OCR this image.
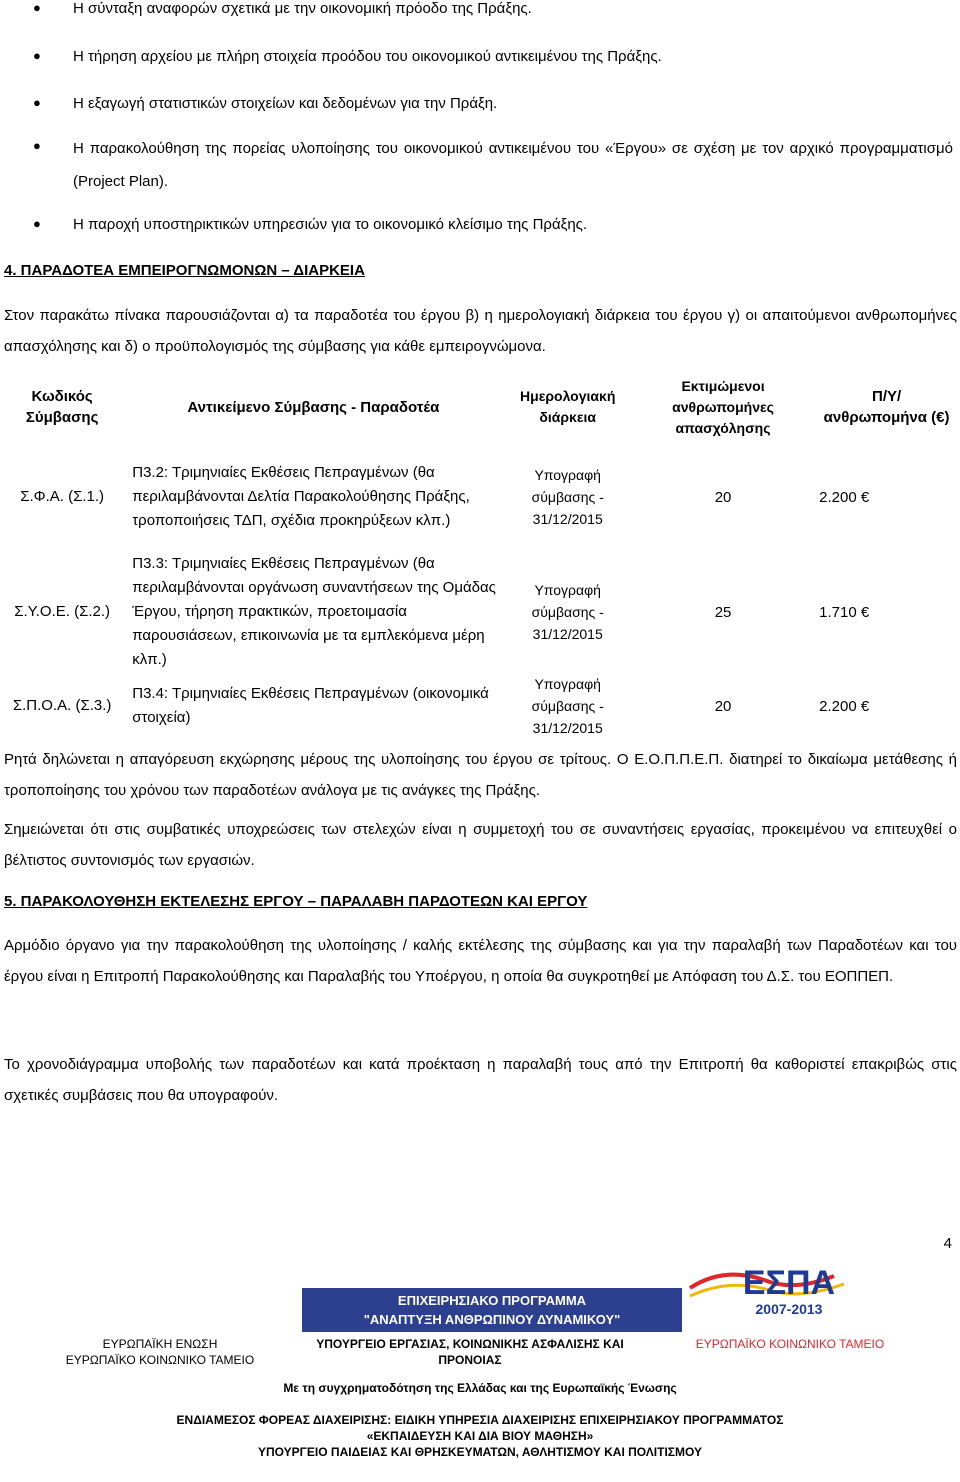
● Η σύνταξη αναφορών σχετικά με την οικονομική πρόοδο της Πράξης.
● Η τήρηση αρχείου με πλήρη στοιχεία προόδου του οικονομικού αντικειμένου της Πράξης.
● Η εξαγωγή στατιστικών στοιχείων και δεδομένων για την Πράξη.
● Η παρακολούθηση της πορείας υλοποίησης του οικονομικού αντικειμένου του «Έργου» σε σχέση με τον αρχικό προγραμματισμό (Project Plan).
● Η παροχή υποστηρικτικών υπηρεσιών για το οικονομικό κλείσιμο της Πράξης.
4. ΠΑΡΑΔΟΤΕΑ ΕΜΠΕΙΡΟΓΝΩΜΟΝΩΝ – ΔΙΑΡΚΕΙΑ
Στον παρακάτω πίνακα παρουσιάζονται α) τα παραδοτέα του έργου β) η ημερολογιακή διάρκεια του έργου γ) οι απαιτούμενοι ανθρωπομήνες απασχόλησης και δ) ο προϋπολογισμός της σύμβασης για κάθε εμπειρογνώμονα.
Κωδικός Σύμβασης	Αντικείμενο Σύμβασης - Παραδοτέα	Ημερολογιακή διάρκεια	Εκτιμώμενοι ανθρωπομήνες απασχόλησης	Π/Υ/ ανθρωπομήνα (€)
Σ.Φ.Α. (Σ.1.)	Π3.2: Τριμηνιαίες Εκθέσεις Πεπραγμένων (θα περιλαμβάνονται Δελτία Παρακολούθησης Πράξης, τροποποιήσεις ΤΔΠ, σχέδια προκηρύξεων κλπ.)	Υπογραφή σύμβασης - 31/12/2015	20	2.200 €
Σ.Υ.Ο.Ε. (Σ.2.)	Π3.3: Τριμηνιαίες Εκθέσεις Πεπραγμένων (θα περιλαμβάνονται οργάνωση συναντήσεων της Ομάδας Έργου, τήρηση πρακτικών, προετοιμασία παρουσιάσεων, επικοινωνία με τα εμπλεκόμενα μέρη κλπ.)	Υπογραφή σύμβασης - 31/12/2015	25	1.710 €
Σ.Π.Ο.Α. (Σ.3.)	Π3.4: Τριμηνιαίες Εκθέσεις Πεπραγμένων (οικονομικά στοιχεία)	Υπογραφή σύμβασης - 31/12/2015	20	2.200 €
Ρητά δηλώνεται η απαγόρευση εκχώρησης μέρους της υλοποίησης του έργου σε τρίτους. Ο Ε.Ο.Π.Π.Ε.Π. διατηρεί το δικαίωμα μετάθεσης ή τροποποίησης του χρόνου των παραδοτέων ανάλογα με τις ανάγκες της Πράξης.
Σημειώνεται ότι στις συμβατικές υποχρεώσεις των στελεχών είναι η συμμετοχή του σε συναντήσεις εργασίας, προκειμένου να επιτευχθεί ο βέλτιστος συντονισμός των εργασιών.
5. ΠΑΡΑΚΟΛΟΥΘΗΣΗ ΕΚΤΕΛΕΣΗΣ ΕΡΓΟΥ – ΠΑΡΑΛΑΒΗ ΠΑΡΔΟΤΕΩΝ ΚΑΙ ΕΡΓΟΥ
Αρμόδιο όργανο για την παρακολούθηση της υλοποίησης / καλής εκτέλεσης της σύμβασης και για την παραλαβή των Παραδοτέων και του έργου είναι η Επιτροπή Παρακολούθησης και Παραλαβής του Υποέργου, η οποία θα συγκροτηθεί με Απόφαση του Δ.Σ. του ΕΟΠΠΕΠ.
Το χρονοδιάγραμμα υποβολής των παραδοτέων και κατά προέκταση η παραλαβή τους από την Επιτροπή θα καθοριστεί επακριβώς στις σχετικές συμβάσεις που θα υπογραφούν.
4
ΕΣΠΑ
2007-2013
ΕΠΙΧΕΙΡΗΣΙΑΚΟ ΠΡΟΓΡΑΜΜΑ
"ΑΝΑΠΤΥΞΗ ΑΝΘΡΩΠΙΝΟΥ ΔΥΝΑΜΙΚΟΥ"
ΕΥΡΩΠΑΪΚΗ ΕΝΩΣΗ
ΕΥΡΩΠΑΪΚΟ ΚΟΙΝΩΝΙΚΟ ΤΑΜΕΙΟ
ΥΠΟΥΡΓΕΙΟ ΕΡΓΑΣΙΑΣ, ΚΟΙΝΩΝΙΚΗΣ ΑΣΦΑΛΙΣΗΣ ΚΑΙ ΠΡΟΝΟΙΑΣ
ΕΥΡΩΠΑΪΚΟ ΚΟΙΝΩΝΙΚΟ ΤΑΜΕΙΟ
Με τη συγχρηματοδότηση της Ελλάδας και της Ευρωπαϊκής Ένωσης
ΕΝΔΙΑΜΕΣΟΣ ΦΟΡΕΑΣ ΔΙΑΧΕΙΡΙΣΗΣ: ΕΙΔΙΚΗ ΥΠΗΡΕΣΙΑ ΔΙΑΧΕΙΡΙΣΗΣ ΕΠΙΧΕΙΡΗΣΙΑΚΟΥ ΠΡΟΓΡΑΜΜΑΤΟΣ
«ΕΚΠΑΙΔΕΥΣΗ ΚΑΙ ΔΙΑ ΒΙΟΥ ΜΑΘΗΣΗ»
ΥΠΟΥΡΓΕΙΟ ΠΑΙΔΕΙΑΣ ΚΑΙ ΘΡΗΣΚΕΥΜΑΤΩΝ, ΑΘΛΗΤΙΣΜΟΥ ΚΑΙ ΠΟΛΙΤΙΣΜΟΥ
